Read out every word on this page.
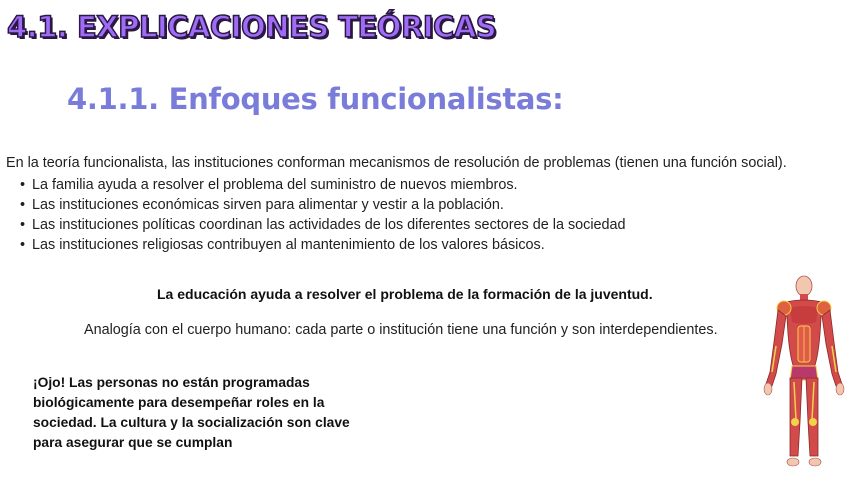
4.1. EXPLICACIONES TEÓRICAS
4.1.1. Enfoques funcionalistas:

En la teoría funcionalista, las instituciones conforman mecanismos de resolución de problemas (tienen una función social).

• La familia ayuda a resolver el problema del suministro de nuevos miembros.
• Las instituciones económicas sirven para alimentar y vestir a la población.
• Las instituciones políticas coordinan las actividades de los diferentes sectores de la sociedad
• Las instituciones religiosas contribuyen al mantenimiento de los valores básicos.

La educación ayuda a resolver el problema de la formación de la juventud.

Analogía con el cuerpo humano: cada parte o institución tiene una función y son interdependientes.

¡Ojo! Las personas no están programadas biológicamente para desempeñar roles en la sociedad. La cultura y la socialización son clave para asegurar que se cumplan
